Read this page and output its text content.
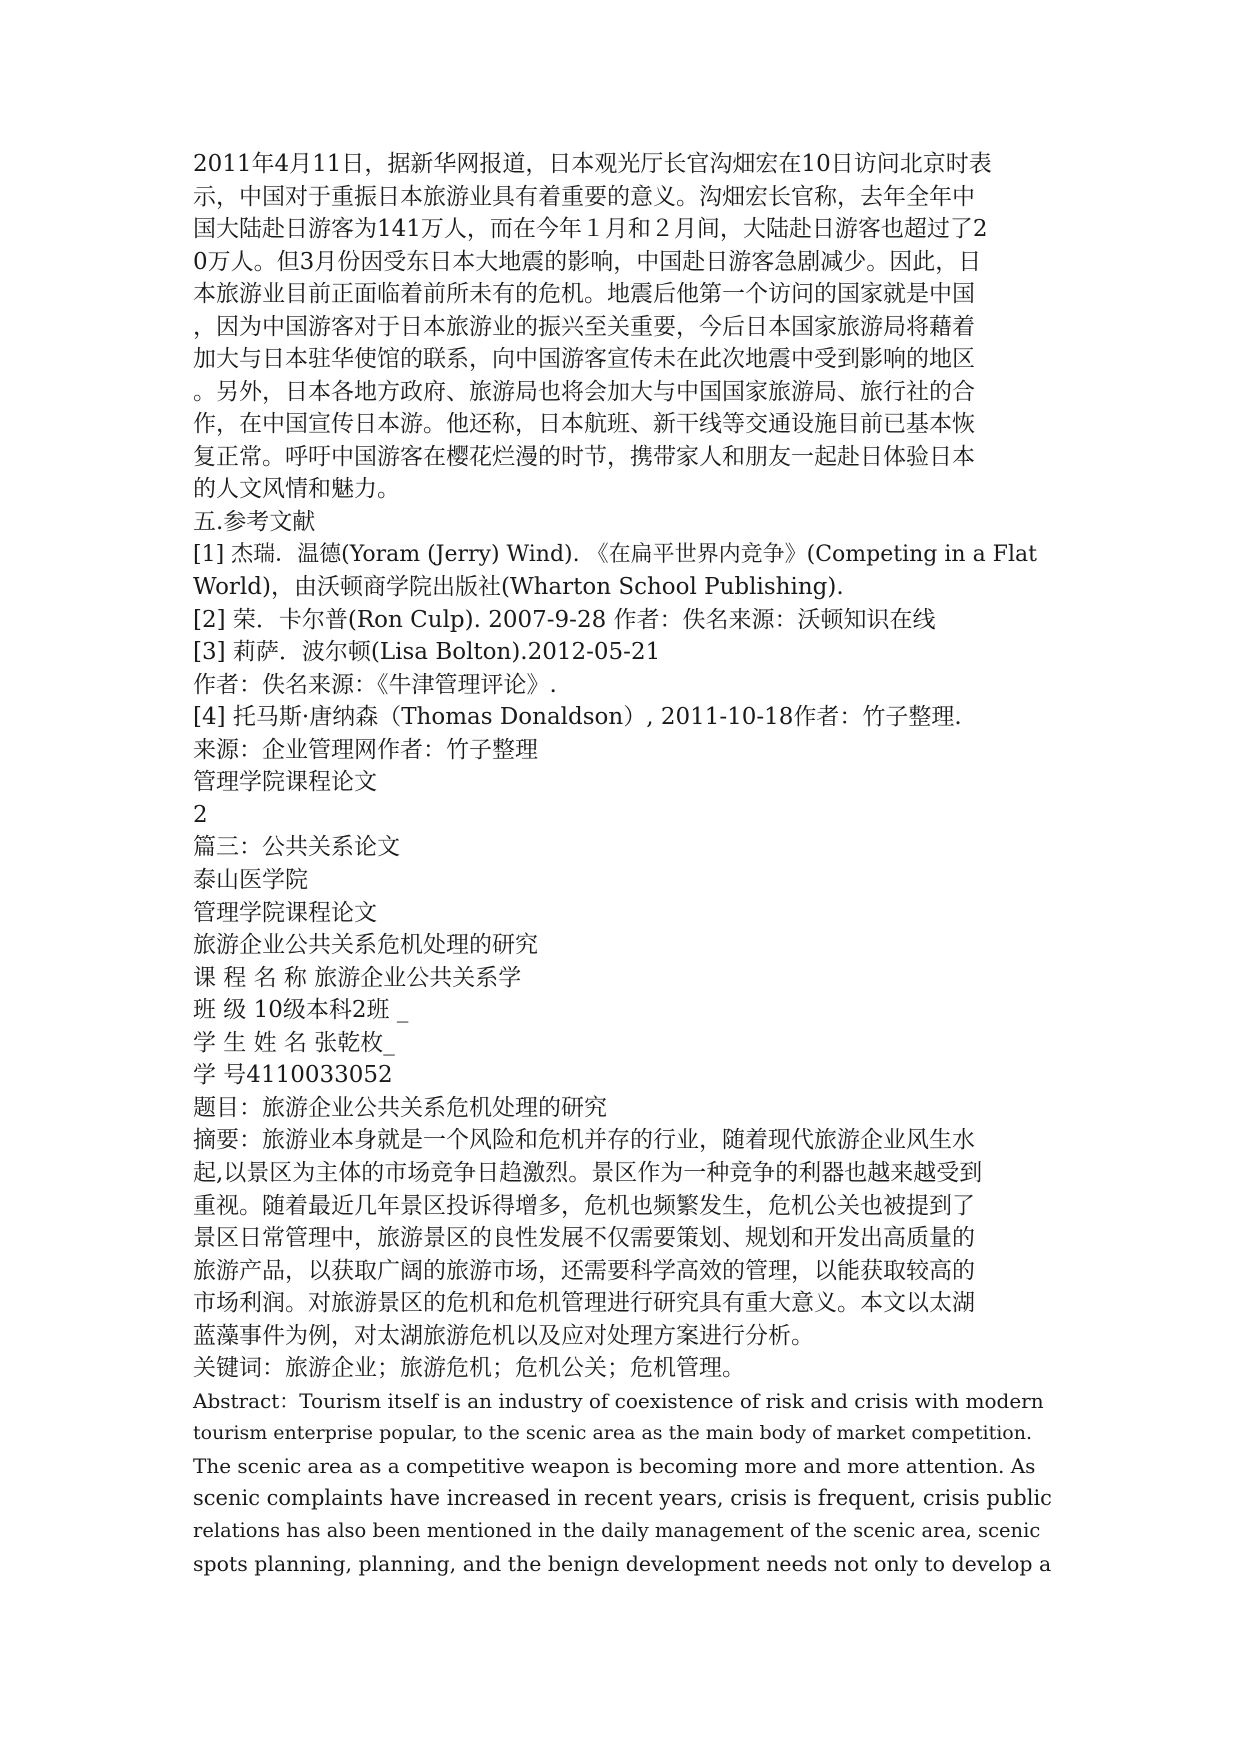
2011年4月11日，据新华网报道，日本观光厅长官沟畑宏在10日访问北京时表
示，中国对于重振日本旅游业具有着重要的意义。沟畑宏长官称，去年全年中
国大陆赴日游客为141万人，而在今年１月和２月间，大陆赴日游客也超过了2
0万人。但3月份因受东日本大地震的影响，中国赴日游客急剧减少。因此，日
本旅游业目前正面临着前所未有的危机。地震后他第一个访问的国家就是中国
，因为中国游客对于日本旅游业的振兴至关重要，今后日本国家旅游局将藉着
加大与日本驻华使馆的联系，向中国游客宣传未在此次地震中受到影响的地区
。另外，日本各地方政府、旅游局也将会加大与中国国家旅游局、旅行社的合
作，在中国宣传日本游。他还称，日本航班、新干线等交通设施目前已基本恢
复正常。呼吁中国游客在樱花烂漫的时节，携带家人和朋友一起赴日体验日本
的人文风情和魅力。
五.参考文献
[1] 杰瑞．温德(Yoram (Jerry) Wind). 《在扁平世界内竞争》(Competing in a Flat
World)，由沃顿商学院出版社(Wharton School Publishing).
[2] 荣．卡尔普(Ron Culp). 2007-9-28 作者：佚名来源：沃顿知识在线
[3] 莉萨．波尔顿(Lisa Bolton).2012-05-21
作者：佚名来源：《牛津管理评论》.
[4] 托马斯·唐纳森（Thomas Donaldson）, 2011-10-18作者：竹子整理.
来源：企业管理网作者：竹子整理
管理学院课程论文
2
篇三：公共关系论文
泰山医学院
管理学院课程论文
旅游企业公共关系危机处理的研究
课 程 名 称 旅游企业公共关系学
班 级 10级本科2班 _
学 生 姓 名 张乾枚_
学 号4110033052
题目：旅游企业公共关系危机处理的研究
摘要：旅游业本身就是一个风险和危机并存的行业，随着现代旅游企业风生水
起,以景区为主体的市场竞争日趋激烈。景区作为一种竞争的利器也越来越受到
重视。随着最近几年景区投诉得增多，危机也频繁发生，危机公关也被提到了
景区日常管理中，旅游景区的良性发展不仅需要策划、规划和开发出高质量的
旅游产品，以获取广阔的旅游市场，还需要科学高效的管理，以能获取较高的
市场利润。对旅游景区的危机和危机管理进行研究具有重大意义。本文以太湖
蓝藻事件为例，对太湖旅游危机以及应对处理方案进行分析。
关键词：旅游企业；旅游危机；危机公关；危机管理。
Abstract：Tourism itself is an industry of coexistence of risk and crisis with modern
tourism enterprise popular, to the scenic area as the main body of market competition.
The scenic area as a competitive weapon is becoming more and more attention. As
scenic complaints have increased in recent years, crisis is frequent, crisis public
relations has also been mentioned in the daily management of the scenic area, scenic
spots planning, planning, and the benign development needs not only to develop a
